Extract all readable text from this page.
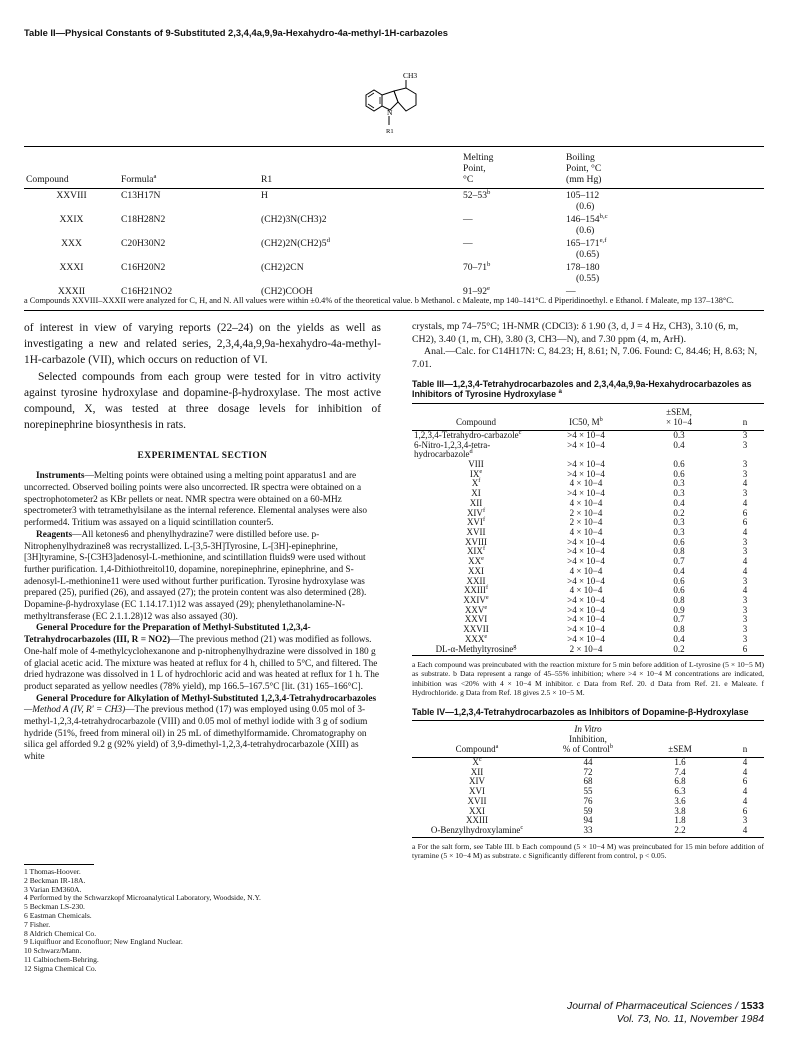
Table II—Physical Constants of 9-Substituted 2,3,4,4a,9,9a-Hexahydro-4a-methyl-1H-carbazoles
CH3
N
R1

Compound	Formula$^a$	R1	Melting
Point,
°C	Boiling
Point, °C
(mm Hg)
XXVIII	C13H17N	H	52–53$^b$	105–112
(0.6)
XXIX	C18H28N2	(CH2)3N(CH3)2	—	146–154$^{b,c}$
(0.6)
XXX	C20H30N2	(CH2)2N(CH2)5$^d$	—	165–171$^{e,f}$
(0.65)
XXXI	C16H20N2	(CH2)2CN	70–71$^b$	178–180
(0.55)
XXXII	C16H21NO2	(CH2)COOH	91–92e	—

a Compounds XXVIII–XXXII were analyzed for C, H, and N. All values were within ±0.4% of the theoretical value. b Methanol. c Maleate, mp 140–141°C. d Piperidinoethyl. e Ethanol. f Maleate, mp 137–138°C.

of interest in view of varying reports (22–24) on the yields as well as investigating a new and related series, 2,3,4,4a,9,9a-hexahydro-4a-methyl-1H-carbazole (VII), which occurs on reduction of VI.

Selected compounds from each group were tested for in vitro activity against tyrosine hydroxylase and dopamine-β-hydroxylase. The most active compound, X, was tested at three dosage levels for inhibition of norepinephrine biosynthesis in rats.

EXPERIMENTAL SECTION

Instruments—Melting points were obtained using a melting point apparatus1 and are uncorrected. Observed boiling points were also uncorrected. IR spectra were obtained on a spectrophotometer2 as KBr pellets or neat. NMR spectra were obtained on a 60-MHz spectrometer3 with tetramethylsilane as the internal reference. Elemental analyses were also performed4. Tritium was assayed on a liquid scintillation counter5.

Reagents—All ketones6 and phenylhydrazine7 were distilled before use. p-Nitrophenylhydrazine8 was recrystallized. L-[3,5-3H]Tyrosine, L-[3H]-epinephrine, [3H]tyramine, S-[C3H3]adenosyl-L-methionine, and scintillation fluids9 were used without further purification. 1,4-Dithiothreitol10, dopamine, norepinephrine, epinephrine, and S-adenosyl-L-methionine11 were used without further purification. Tyrosine hydroxylase was prepared (25), purified (26), and assayed (27); the protein content was also determined (28). Dopamine-β-hydroxylase (EC 1.14.17.1)12 was assayed (29); phenylethanolamine-N-methyltransferase (EC 2.1.1.28)12 was also assayed (30).

General Procedure for the Preparation of Methyl-Substituted 1,2,3,4-Tetrahydrocarbazoles (III, R = NO2)—The previous method (21) was modified as follows. One-half mole of 4-methylcyclohexanone and p-nitrophenylhydrazine were dissolved in 180 g of glacial acetic acid. The mixture was heated at reflux for 4 h, chilled to 5°C, and filtered. The dried hydrazone was dissolved in 1 L of hydrochloric acid and was heated at reflux for 1 h. The product separated as yellow needles (78% yield), mp 166.5–167.5°C [lit. (31) 165–166°C].

General Procedure for Alkylation of Methyl-Substituted 1,2,3,4-Tetrahydrocarbazoles—Method A (IV, R' = CH3)—The previous method (17) was employed using 0.05 mol of 3-methyl-1,2,3,4-tetrahydrocarbazole (VIII) and 0.05 mol of methyl iodide with 3 g of sodium hydride (51%, freed from mineral oil) in 25 mL of dimethylformamide. Chromatography on silica gel afforded 9.2 g (92% yield) of 3,9-dimethyl-1,2,3,4-tetrahydrocarbazole (XIII) as white

1 Thomas-Hoover.
2 Beckman IR-18A.
3 Varian EM360A.
4 Performed by the Schwarzkopf Microanalytical Laboratory, Woodside, N.Y.
5 Beckman LS-230.
6 Eastman Chemicals.
7 Fisher.
8 Aldrich Chemical Co.
9 Liquifluor and Econofluor; New England Nuclear.
10 Schwarz/Mann.
11 Calbiochem-Behring.
12 Sigma Chemical Co.

crystals, mp 74–75°C; 1H-NMR (CDCl3): δ 1.90 (3, d, J = 4 Hz, CH3), 3.10 (6, m, CH2), 3.40 (1, m, CH), 3.80 (3, CH3—N), and 7.30 ppm (4, m, ArH).

Anal.—Calc. for C14H17N: C, 84.23; H, 8.61; N, 7.06. Found: C, 84.46; H, 8.63; N, 7.01.

Table III—1,2,3,4-Tetrahydrocarbazoles and 2,3,4,4a,9,9a-Hexahydrocarbazoles as Inhibitors of Tyrosine Hydroxylase $^a$

Compound	IC50, $M^b$	±SEM,
× 10−4	n
1,2,3,4-Tetrahydro-carbazole$^c$	>4 × 10−4	0.3	3
6-Nitro-1,2,3,4-tetra-hydrocarbazole$^d$	>4 × 10−4	0.4	3
VIII	>4 × 10−4	0.6	3
$IX^e$	>4 × 10−4	0.6	3
$X^f$	4 × 10−4	0.3	4
XI	>4 × 10−4	0.3	3
XII	4 × 10−4	0.4	4
XIV$^f$	2 × 10−4	0.2	6
XVI$^f$	2 × 10−4	0.3	6
XVII	4 × 10−4	0.3	4
XVIII	>4 × 10−4	0.6	3
$XIX^f$	>4 × 10−4	0.8	3
$XX^e$	>4 × 10−4	0.7	4
XXI	4 × 10−4	0.4	4
XXII	>4 × 10−4	0.6	3
XXIII$^f$	4 × 10−4	0.6	4
$XXIV^e$	>4 × 10−4	0.8	3
$XXV^e$	>4 × 10−4	0.9	3
XXVI	>4 × 10−4	0.7	3
XXVII	>4 × 10−4	0.8	3
$XXX^e$	>4 × 10−4	0.4	3
DL-α-Methyltyrosine$^g$	2 × 10−4	0.2	6
a Each compound was preincubated with the reaction mixture for 5 min before addition of L-tyrosine (5 × 10−5 M) as substrate. b Data represent a range of 45–55% inhibition; where >4 × 10−4 M concentrations are indicated, inhibition was <20% with 4 × 10−4 M inhibitor. c Data from Ref. 20. d Data from Ref. 21. e Maleate. f Hydrochloride. g Data from Ref. 18 gives 2.5 × 10−5 M.
Table IV—1,2,3,4-Tetrahydrocarbazoles as Inhibitors of Dopamine-β-Hydroxylase

Compound$^a$	In Vitro
Inhibition,
% of Control$^b$	±SEM	n
$X^c$	44	1.6	4
XII	72	7.4	4
XIV	68	6.8	6
XVI	55	6.3	4
XVII	76	3.6	4
XXI	59	3.8	6
XXIII	94	1.8	3
O-Benzylhydroxylamine$^c$	33	2.2	4
a For the salt form, see Table III. b Each compound (5 × 10−4 M) was preincubated for 15 min before addition of tyramine (5 × 10−4 M) as substrate. c Significantly different from control, p < 0.05.
Journal of Pharmaceutical Sciences / 1533
Vol. 73, No. 11, November 1984
